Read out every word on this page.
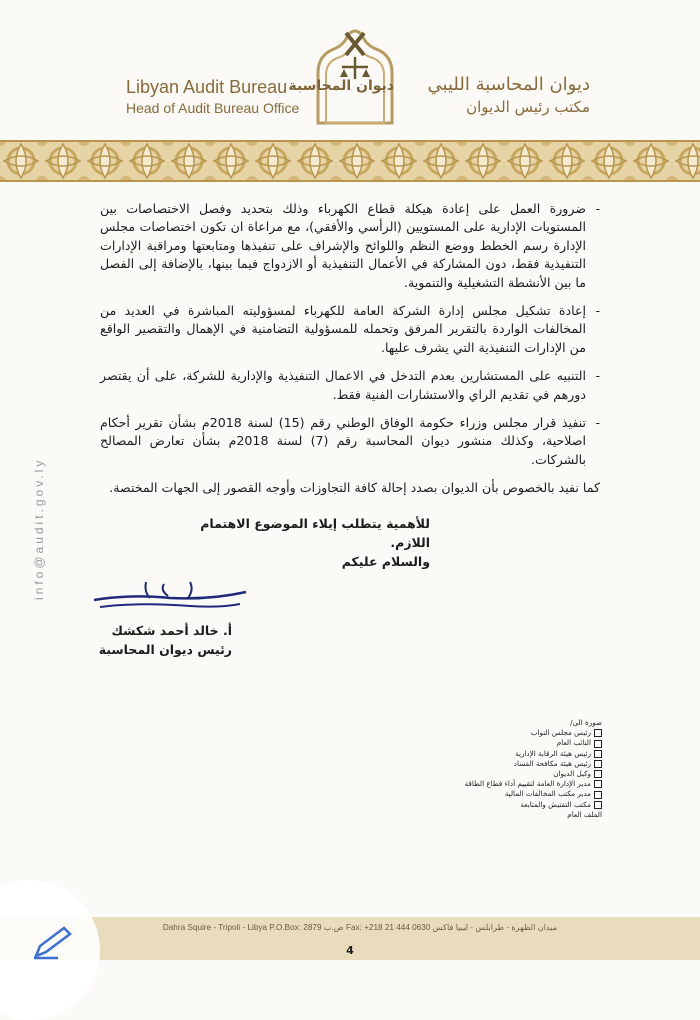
Libyan Audit Bureau
Head of Audit Bureau Office
ديوان المحاسبة	ديوان المحاسبة الليبي
مكتب رئيس الديوان
info@audit.gov.ly
- ضرورة العمل على إعادة هيكلة قطاع الكهرباء وذلك بتحديد وفصل الاختصاصات بين المستويات الإدارية على المستويين (الرأسي والأفقي)، مع مراعاة ان تكون اختصاصات مجلس الإدارة رسم الخطط ووضع النظم واللوائح والإشراف على تنفيذها ومتابعتها ومراقبة الإدارات التنفيذية فقط، دون المشاركة في الأعمال التنفيذية أو الازدواج فيما بينها، بالإضافة إلى الفصل ما بين الأنشطة التشغيلية والتنموية.
- إعادة تشكيل مجلس إدارة الشركة العامة للكهرباء لمسؤوليته المباشرة في العديد من المخالفات الواردة بالتقرير المرفق وتحمله للمسؤولية التضامنية في الإهمال والتقصير الواقع من الإدارات التنفيذية التي يشرف عليها.
- التنبيه على المستشارين بعدم التدخل في الاعمال التنفيذية والإدارية للشركة، على أن يقتصر دورهم في تقديم الراي والاستشارات الفنية فقط.
- تنفيذ قرار مجلس وزراء حكومة الوفاق الوطني رقم (15) لسنة 2018م بشأن تقرير أحكام اصلاحية، وكذلك منشور ديوان المحاسبة رقم (7) لسنة 2018م بشأن تعارض المصالح بالشركات.
كما نفيد بالخصوص بأن الديوان بصدد إحالة كافة التجاوزات وأوجه القصور إلى الجهات المختصة.
للأهمية يتطلب إيلاء الموضوع الاهتمام اللازم.
والسلام عليكم
أ. خالد أحمد شكشك
رئيس ديوان المحاسبة
صورة الى/
رئيس مجلس النواب
النائب العام
رئيس هيئة الرقابة الإدارية
رئيس هيئة مكافحة الفساد
وكيل الديوان
مدير الإدارة العامة لتقييم أداء قطاع الطاقة
مدير مكتب المخالفات المالية
مكتب التفتيش والمتابعة
الملف العام
Dahra Squire - Tripoli - Libya P.O.Box: 2879 ص.ب Fax: +218 21 444 0630 ميدان الظهرة - طرابلس - ليبيا فاكس
4
